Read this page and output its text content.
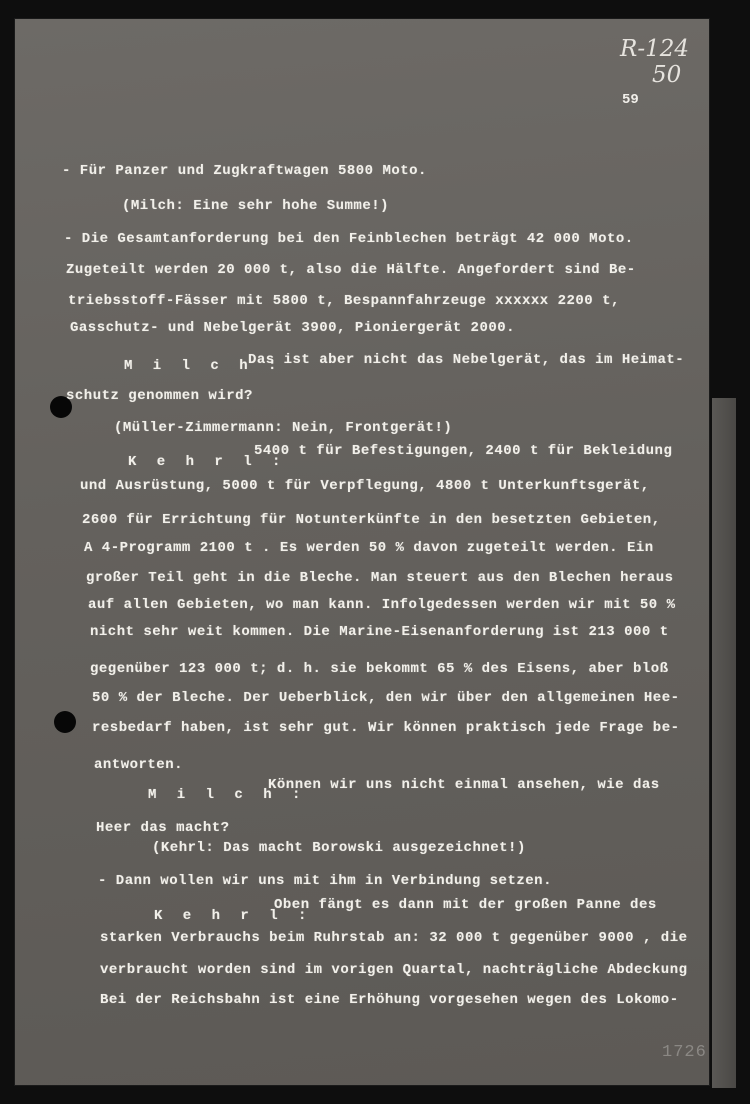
R-124
50
59
- Für Panzer und Zugkraftwagen 5800 Moto.
(Milch: Eine sehr hohe Summe!)
- Die Gesamtanforderung bei den Feinblechen beträgt 42 000 Moto.
Zugeteilt werden 20 000 t, also die Hälfte. Angefordert sind Be-
triebsstoff-Fässer mit 5800 t, Bespannfahrzeuge xxxxxx 2200 t,
Gasschutz- und Nebelgerät 3900, Pioniergerät 2000.
M i l c h :
Das ist aber nicht das Nebelgerät, das im Heimat-
schutz genommen wird?
(Müller-Zimmermann: Nein, Frontgerät!)
K e h r l :
5400 t für Befestigungen, 2400 t für Bekleidung
und Ausrüstung, 5000 t für Verpflegung, 4800 t Unterkunftsgerät,
2600 für Errichtung für Notunterkünfte in den besetzten Gebieten,
A 4-Programm 2100 t . Es werden 50 % davon zugeteilt werden. Ein
großer Teil geht in die Bleche. Man steuert aus den Blechen heraus
auf allen Gebieten, wo man kann. Infolgedessen werden wir mit 50 %
nicht sehr weit kommen. Die Marine-Eisenanforderung ist 213 000 t
gegenüber 123 000 t; d. h. sie bekommt 65 % des Eisens, aber bloß
50 % der Bleche. Der Ueberblick, den wir über den allgemeinen Hee-
resbedarf haben, ist sehr gut. Wir können praktisch jede Frage be-
antworten.
M i l c h :
Können wir uns nicht einmal ansehen, wie das
Heer das macht?
(Kehrl: Das macht Borowski ausgezeichnet!)
- Dann wollen wir uns mit ihm in Verbindung setzen.
K e h r l :
Oben fängt es dann mit der großen Panne des
starken Verbrauchs beim Ruhrstab an: 32 000 t gegenüber 9000 , die
verbraucht worden sind im vorigen Quartal, nachträgliche Abdeckung
Bei der Reichsbahn ist eine Erhöhung vorgesehen wegen des Lokomo-
1726
